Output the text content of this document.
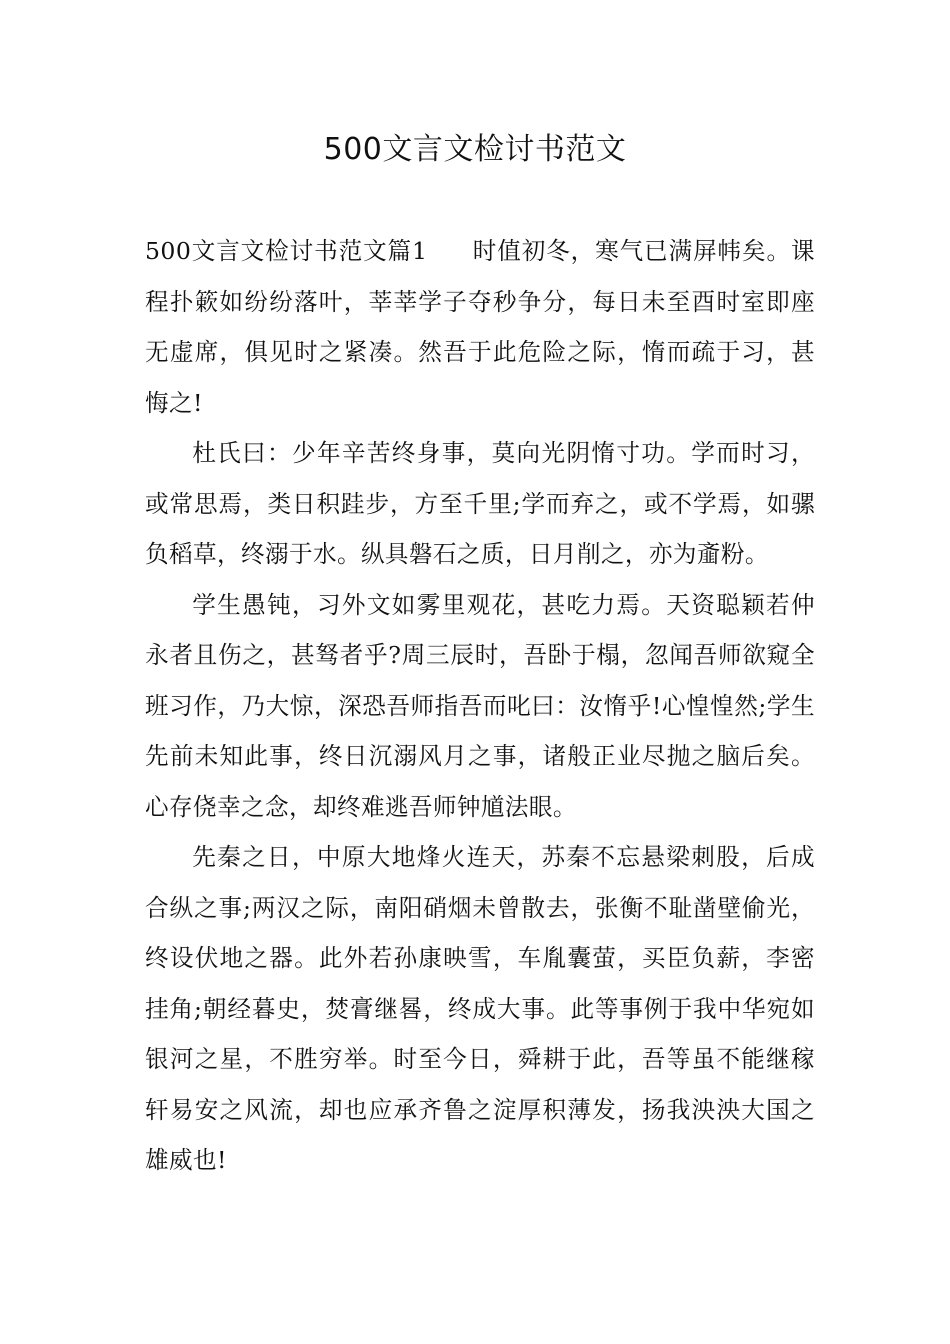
500文言文检讨书范文

500文言文检讨书范文篇1 时值初冬，寒气已满屏帏矣。课程扑簌如纷纷落叶，莘莘学子夺秒争分，每日未至酉时室即座无虚席，俱见时之紧凑。然吾于此危险之际，惰而疏于习，甚悔之!

杜氏曰：少年辛苦终身事，莫向光阴惰寸功。学而时习，或常思焉，类日积跬步，方至千里;学而弃之，或不学焉，如骡负稻草，终溺于水。纵具磐石之质，日月削之，亦为齑粉。

学生愚钝，习外文如雾里观花，甚吃力焉。天资聪颖若仲永者且伤之，甚驽者乎?周三辰时，吾卧于榻，忽闻吾师欲窥全班习作，乃大惊，深恐吾师指吾而叱曰：汝惰乎!心惶惶然;学生先前未知此事，终日沉溺风月之事，诸般正业尽抛之脑后矣。心存侥幸之念，却终难逃吾师钟馗法眼。

先秦之日，中原大地烽火连天，苏秦不忘悬梁刺股，后成合纵之事;两汉之际，南阳硝烟未曾散去，张衡不耻凿壁偷光，终设伏地之器。此外若孙康映雪，车胤囊萤，买臣负薪，李密挂角;朝经暮史，焚膏继晷，终成大事。此等事例于我中华宛如银河之星，不胜穷举。时至今日，舜耕于此，吾等虽不能继稼轩易安之风流，却也应承齐鲁之淀厚积薄发，扬我泱泱大国之雄威也!
